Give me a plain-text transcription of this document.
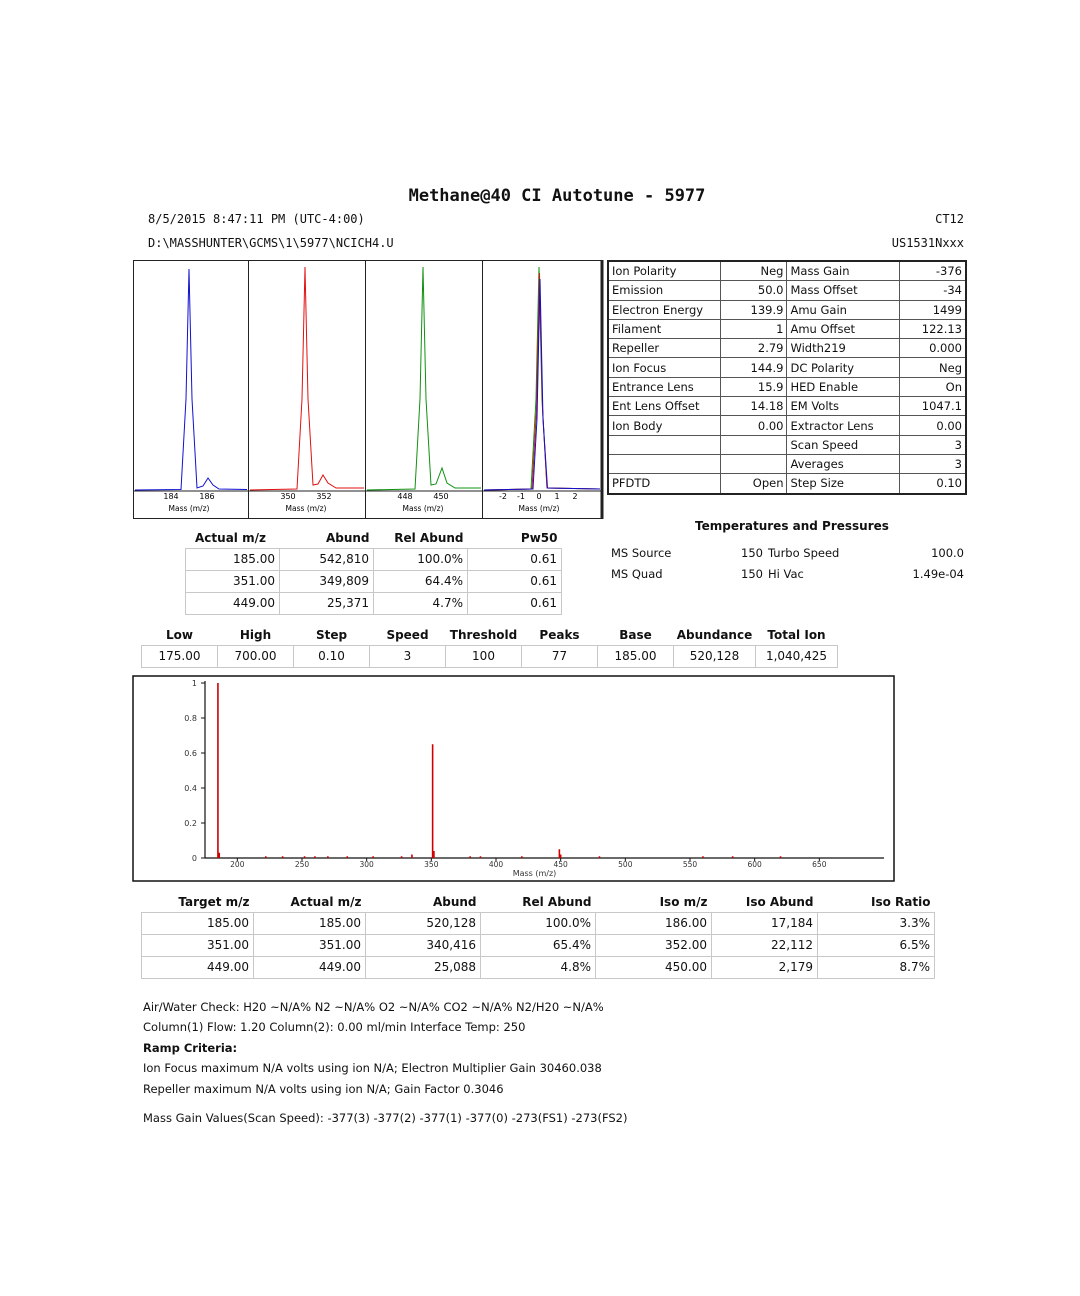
Methane@40 CI Autotune - 5977
8/5/2015 8:47:11 PM (UTC-4:00)	CT12
D:\MASSHUNTER\GCMS\1\5977\NCICH4.U	US1531Nxxx
184	186
Mass (m/z)
350	352
Mass (m/z)
448	450
Mass (m/z)
-2 -1 0 1 2
Mass (m/z)
Ion Polarity	Neg	Mass Gain	-376
Emission	50.0	Mass Offset	-34
Electron Energy	139.9	Amu Gain	1499
Filament	1	Amu Offset	122.13
Repeller	2.79	Width219	0.000
Ion Focus	144.9	DC Polarity	Neg
Entrance Lens	15.9	HED Enable	On
Ent Lens Offset	14.18	EM Volts	1047.1
Ion Body	0.00	Extractor Lens	0.00
		Scan Speed	3
		Averages	3
PFDTD	Open	Step Size	0.10
Temperatures and Pressures
MS Source	150	Turbo Speed	100.0
MS Quad	150	Hi Vac	1.49e-04
Actual m/z	Abund	Rel Abund	Pw50
185.00	542,810	100.0%	0.61
351.00	349,809	64.4%	0.61
449.00	25,371	4.7%	0.61
Low	High	Step	Speed	Threshold	Peaks	Base	Abundance	Total Ion
175.00	700.00	0.10	3	100	77	185.00	520,128	1,040,425
0
0.2
0.4
0.6
0.8
1
200	250	300	350	400	450	500	550	600	650
Mass (m/z)
Target m/z	Actual m/z	Abund	Rel Abund	Iso m/z	Iso Abund	Iso Ratio
185.00	185.00	520,128	100.0%	186.00	17,184	3.3%
351.00	351.00	340,416	65.4%	352.00	22,112	6.5%
449.00	449.00	25,088	4.8%	450.00	2,179	8.7%
Air/Water Check: H20 ~N/A% N2 ~N/A% O2 ~N/A% CO2 ~N/A% N2/H20 ~N/A%
Column(1) Flow: 1.20 Column(2): 0.00 ml/min Interface Temp: 250
Ramp Criteria:
Ion Focus maximum N/A volts using ion N/A; Electron Multiplier Gain 30460.038
Repeller maximum N/A volts using ion N/A; Gain Factor 0.3046
Mass Gain Values(Scan Speed): -377(3) -377(2) -377(1) -377(0) -273(FS1) -273(FS2)
